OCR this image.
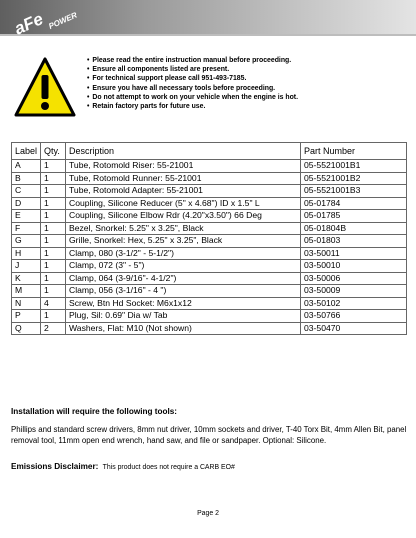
aFe POWER
• Please read the entire instruction manual before proceeding.
• Ensure all components listed are present.
• For technical support please call 951-493-7185.
• Ensure you have all necessary tools before proceeding.
• Do not attempt to work on your vehicle when the engine is hot.
• Retain factory parts for future use.
Label	Qty.	Description	Part Number
A	1	Tube, Rotomold Riser: 55-21001	05-5521001B1
B	1	Tube, Rotomold Runner: 55-21001	05-5521001B2
C	1	Tube, Rotomold Adapter: 55-21001	05-5521001B3
D	1	Coupling, Silicone Reducer (5" x 4.68") ID x 1.5" L	05-01784
E	1	Coupling, Silicone Elbow Rdr (4.20"x3.50") 66 Deg	05-01785
F	1	Bezel, Snorkel: 5.25" x 3.25", Black	05-01804B
G	1	Grille, Snorkel: Hex, 5.25" x 3.25", Black	05-01803
H	1	Clamp, 080 (3-1/2" - 5-1/2")	03-50011
J	1	Clamp, 072 (3" - 5")	03-50010
K	1	Clamp, 064 (3-9/16"- 4-1/2")	03-50006
M	1	Clamp, 056 (3-1/16" - 4 ")	03-50009
N	4	Screw, Btn Hd Socket: M6x1x12	03-50102
P	1	Plug, Sil: 0.69" Dia w/ Tab	03-50766
Q	2	Washers, Flat: M10 (Not shown)	03-50470
Installation will require the following tools:
Phillips and standard screw drivers, 8mm nut driver, 10mm sockets and driver, T-40 Torx Bit, 4mm Allen Bit, panel removal tool, 11mm open end wrench, hand saw, and file or sandpaper. Optional: Silicone.
Emissions Disclaimer: This product does not require a CARB EO#
Page 2
